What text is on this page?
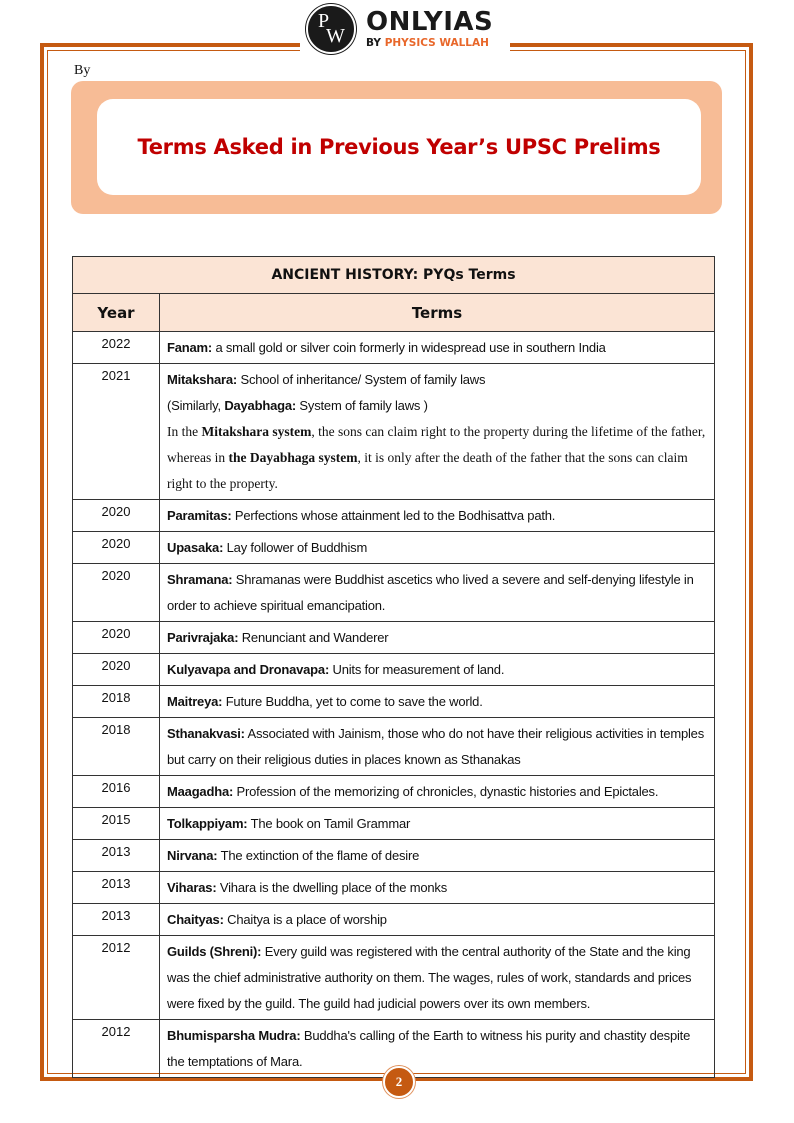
P
W ONLYIAS
BY PHYSICS WALLAH
By
Terms Asked in Previous Year’s UPSC Prelims
ANCIENT HISTORY: PYQs Terms	
Year	Terms
2022	Fanam: a small gold or silver coin formerly in widespread use in southern India
2021	Mitakshara: School of inheritance/ System of family laws
(Similarly, Dayabhaga: System of family laws )
In the Mitakshara system, the sons can claim right to the property during the lifetime of the father, whereas in the Dayabhaga system, it is only after the death of the father that the sons can claim right to the property.

2020	Paramitas: Perfections whose attainment led to the Bodhisattva path.
2020	Upasaka: Lay follower of Buddhism
2020	Shramana: Shramanas were Buddhist ascetics who lived a severe and self-denying lifestyle in order to achieve spiritual emancipation.
2020	Parivrajaka: Renunciant and Wanderer
2020	Kulyavapa and Dronavapa: Units for measurement of land.
2018	Maitreya: Future Buddha, yet to come to save the world.
2018	Sthanakvasi: Associated with Jainism, those who do not have their religious activities in temples but carry on their religious duties in places known as Sthanakas
2016	Maagadha: Profession of the memorizing of chronicles, dynastic histories and Epictales.
2015	Tolkappiyam: The book on Tamil Grammar
2013	Nirvana: The extinction of the flame of desire
2013	Viharas: Vihara is the dwelling place of the monks
2013	Chaityas: Chaitya is a place of worship
2012	Guilds (Shreni): Every guild was registered with the central authority of the State and the king was the chief administrative authority on them. The wages, rules of work, standards and prices were fixed by the guild. The guild had judicial powers over its own members.
2012	Bhumisparsha Mudra: Buddha's calling of the Earth to witness his purity and chastity despite the temptations of Mara.
2
